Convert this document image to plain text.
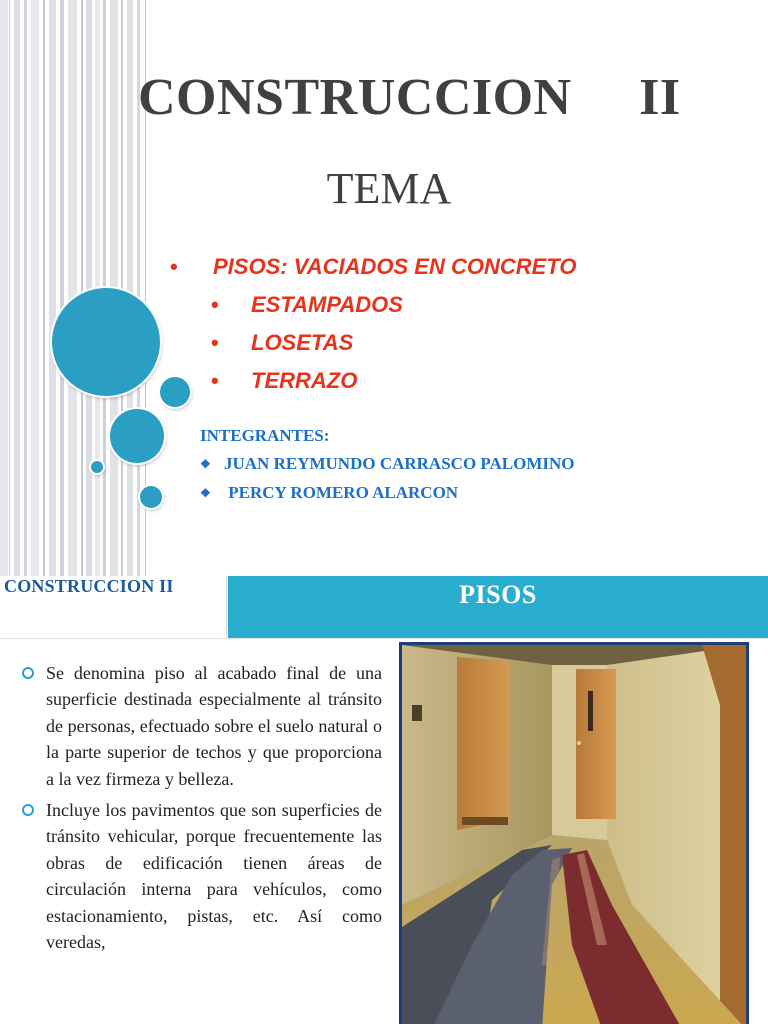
CONSTRUCCION     II
TEMA
• PISOS: VACIADOS EN CONCRETO
• ESTAMPADOS
• LOSETAS
• TERRAZO
INTEGRANTES:
❖ JUAN REYMUNDO CARRASCO PALOMINO
❖ PERCY ROMERO ALARCON
CONSTRUCCION II	PISOS
Se denomina piso al acabado final de una superficie destinada especialmente al tránsito de personas, efectuado sobre el suelo natural o la parte superior de techos y que proporciona a la vez firmeza y belleza.
Incluye los pavimentos que son superficies de tránsito vehicular, porque frecuentemente las obras de edificación tienen áreas de circulación interna para vehículos, como estacionamiento, pistas, etc. Así como veredas,
